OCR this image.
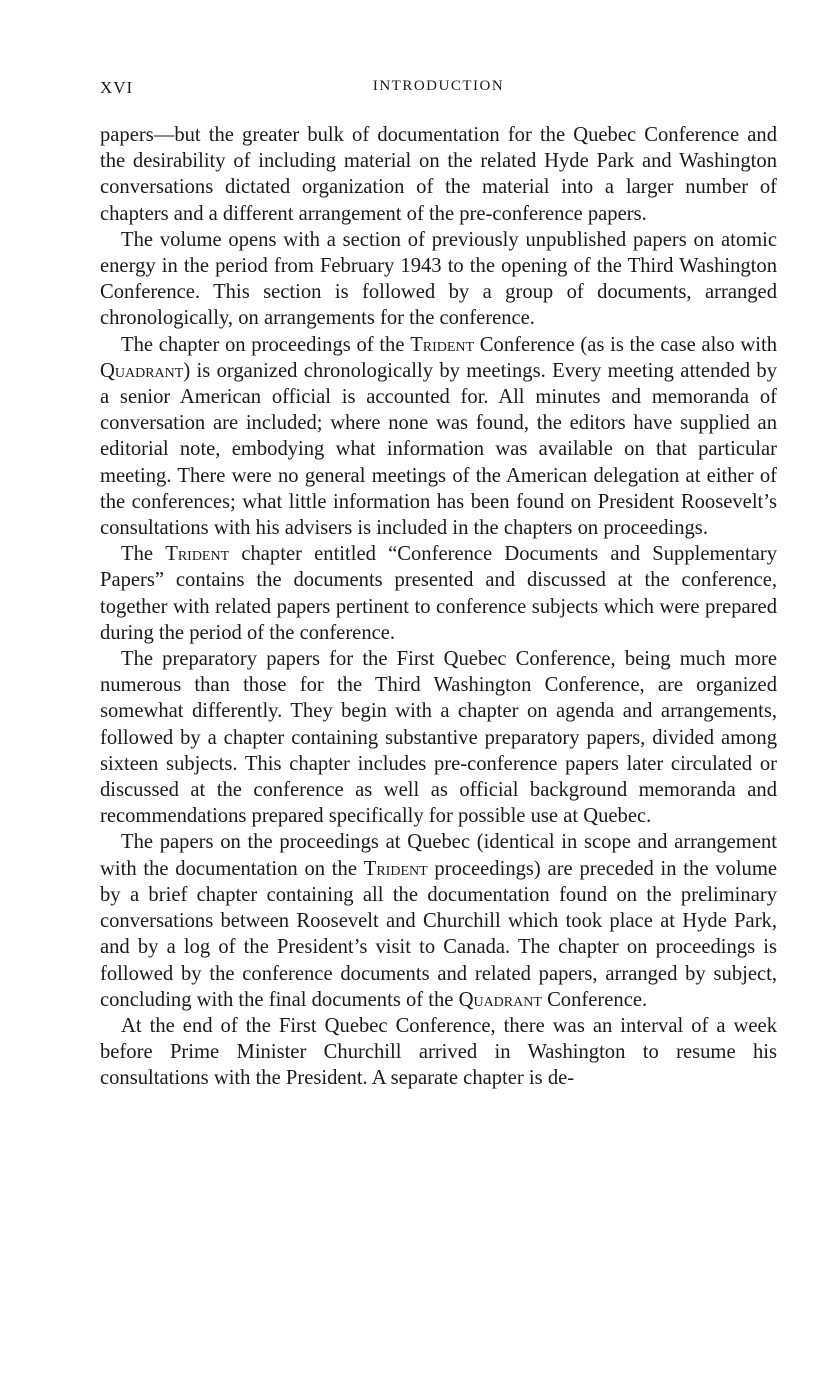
XVI	INTRODUCTION

papers—but the greater bulk of documentation for the Quebec Conference and the desirability of including material on the related Hyde Park and Washington conversations dictated organization of the material into a larger number of chapters and a different arrangement of the pre-conference papers.

The volume opens with a section of previously unpublished papers on atomic energy in the period from February 1943 to the opening of the Third Washington Conference. This section is followed by a group of documents, arranged chronologically, on arrangements for the conference.

The chapter on proceedings of the Trident Conference (as is the case also with Quadrant) is organized chronologically by meetings. Every meeting attended by a senior American official is accounted for. All minutes and memoranda of conversation are included; where none was found, the editors have supplied an editorial note, embodying what information was available on that particular meeting. There were no general meetings of the American delegation at either of the conferences; what little information has been found on President Roosevelt’s consultations with his advisers is included in the chapters on proceedings.

The Trident chapter entitled “Conference Documents and Supplementary Papers” contains the documents presented and discussed at the conference, together with related papers pertinent to conference subjects which were prepared during the period of the conference.

The preparatory papers for the First Quebec Conference, being much more numerous than those for the Third Washington Conference, are organized somewhat differently. They begin with a chapter on agenda and arrangements, followed by a chapter containing substantive preparatory papers, divided among sixteen subjects. This chapter includes pre-conference papers later circulated or discussed at the conference as well as official background memoranda and recommendations prepared specifically for possible use at Quebec.

The papers on the proceedings at Quebec (identical in scope and arrangement with the documentation on the Trident proceedings) are preceded in the volume by a brief chapter containing all the documentation found on the preliminary conversations between Roosevelt and Churchill which took place at Hyde Park, and by a log of the President’s visit to Canada. The chapter on proceedings is followed by the conference documents and related papers, arranged by subject, concluding with the final documents of the Quadrant Conference.

At the end of the First Quebec Conference, there was an interval of a week before Prime Minister Churchill arrived in Washington to resume his consultations with the President. A separate chapter is de-
